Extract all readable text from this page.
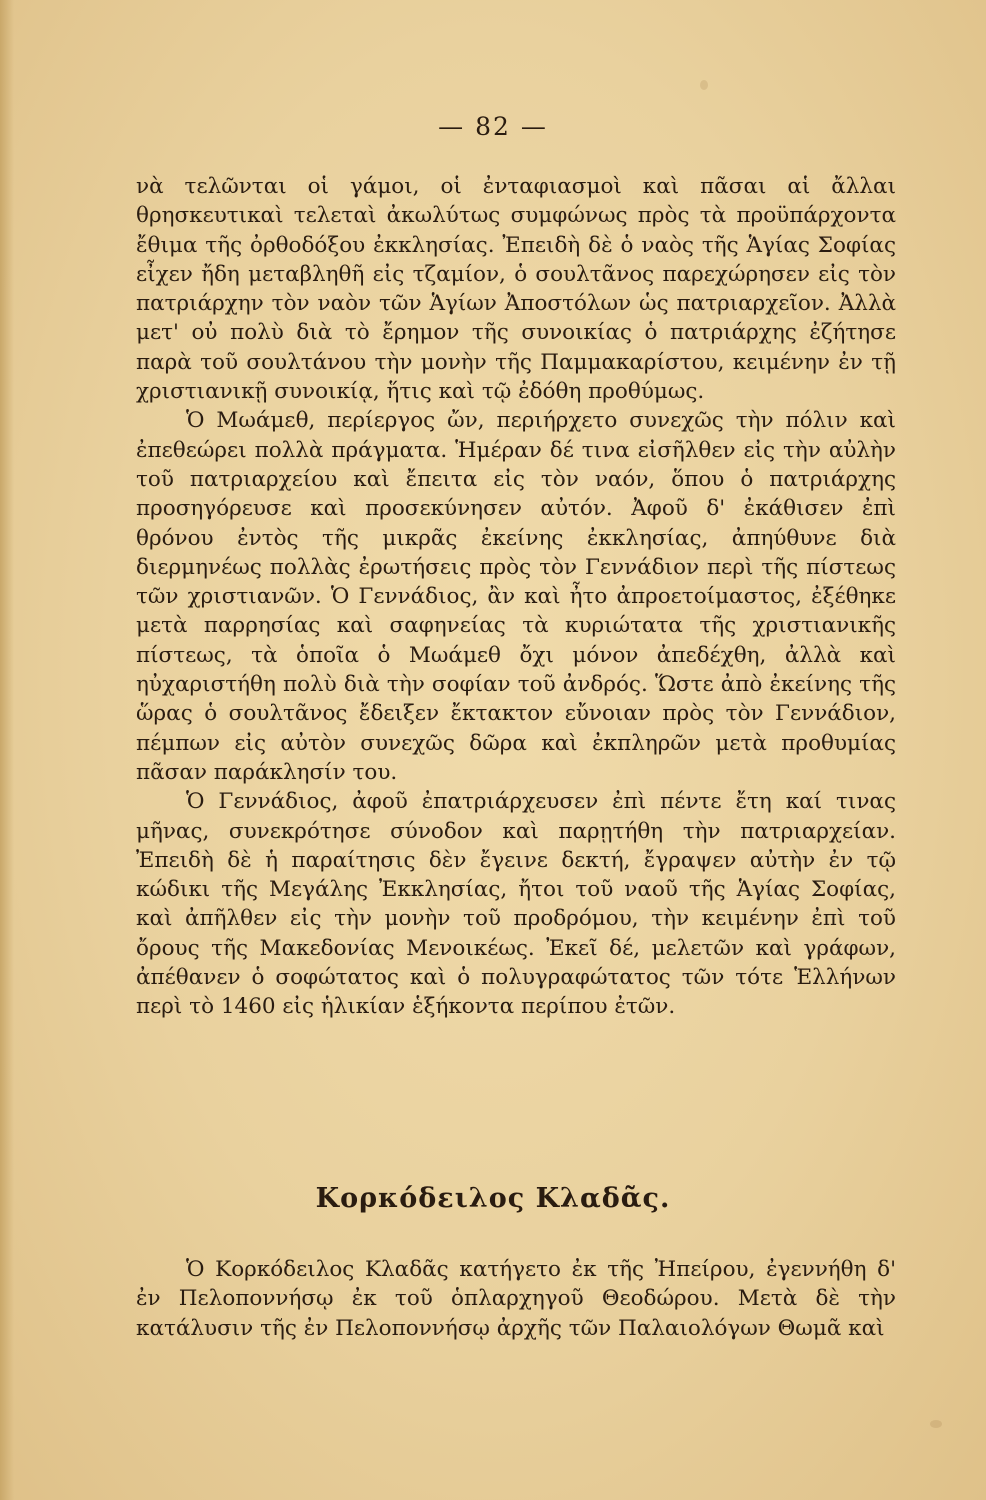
— 82 —

νὰ τελῶνται οἱ γάμοι, οἱ ἐνταφιασμοὶ καὶ πᾶσαι αἱ ἄλλαι θρησκευτικαὶ τελεταὶ ἀκωλύτως συμφώνως πρὸς τὰ προϋπάρχοντα ἔθιμα τῆς ὀρθοδόξου ἐκκλησίας. Ἐπειδὴ δὲ ὁ ναὸς τῆς Ἁγίας Σοφίας εἶχεν ἤδη μεταβληθῆ εἰς τζαμίον, ὁ σουλτᾶνος παρεχώρησεν εἰς τὸν πατριάρχην τὸν ναὸν τῶν Ἁγίων Ἀποστόλων ὡς πατριαρχεῖον. Ἀλλὰ μετ' οὐ πολὺ διὰ τὸ ἔρημον τῆς συνοικίας ὁ πατριάρχης ἐζήτησε παρὰ τοῦ σουλτάνου τὴν μονὴν τῆς Παμμακαρίστου, κειμένην ἐν τῇ χριστιανικῇ συνοικίᾳ, ἥτις καὶ τῷ ἐδόθη προθύμως.

Ὁ Μωάμεθ, περίεργος ὤν, περιήρχετο συνεχῶς τὴν πόλιν καὶ ἐπεθεώρει πολλὰ πράγματα. Ἡμέραν δέ τινα εἰσῆλθεν εἰς τὴν αὐλὴν τοῦ πατριαρχείου καὶ ἔπειτα εἰς τὸν ναόν, ὅπου ὁ πατριάρχης προσηγόρευσε καὶ προσεκύνησεν αὐτόν. Ἀφοῦ δ' ἐκάθισεν ἐπὶ θρόνου ἐντὸς τῆς μικρᾶς ἐκείνης ἐκκλησίας, ἀπηύθυνε διὰ διερμηνέως πολλὰς ἐρωτήσεις πρὸς τὸν Γεννάδιον περὶ τῆς πίστεως τῶν χριστιανῶν. Ὁ Γεννάδιος, ἂν καὶ ἦτο ἀπροετοίμαστος, ἐξέθηκε μετὰ παρρησίας καὶ σαφηνείας τὰ κυριώτατα τῆς χριστιανικῆς πίστεως, τὰ ὁποῖα ὁ Μωάμεθ ὄχι μόνον ἀπεδέχθη, ἀλλὰ καὶ ηὐχαριστήθη πολὺ διὰ τὴν σοφίαν τοῦ ἀνδρός. Ὥστε ἀπὸ ἐκείνης τῆς ὥρας ὁ σουλτᾶνος ἔδειξεν ἔκτακτον εὔνοιαν πρὸς τὸν Γεννάδιον, πέμπων εἰς αὐτὸν συνεχῶς δῶρα καὶ ἐκπληρῶν μετὰ προθυμίας πᾶσαν παράκλησίν του.

Ὁ Γεννάδιος, ἀφοῦ ἐπατριάρχευσεν ἐπὶ πέντε ἔτη καί τινας μῆνας, συνεκρότησε σύνοδον καὶ παρῃτήθη τὴν πατριαρχείαν. Ἐπειδὴ δὲ ἡ παραίτησις δὲν ἔγεινε δεκτή, ἔγραψεν αὐτὴν ἐν τῷ κώδικι τῆς Μεγάλης Ἐκκλησίας, ἤτοι τοῦ ναοῦ τῆς Ἁγίας Σοφίας, καὶ ἀπῆλθεν εἰς τὴν μονὴν τοῦ προδρόμου, τὴν κειμένην ἐπὶ τοῦ ὄρους τῆς Μακεδονίας Μενοικέως. Ἐκεῖ δέ, μελετῶν καὶ γράφων, ἀπέθανεν ὁ σοφώτατος καὶ ὁ πολυγραφώτατος τῶν τότε Ἑλλήνων περὶ τὸ 1460 εἰς ἡλικίαν ἑξήκοντα περίπου ἐτῶν.

Κορκόδειλος Κλαδᾶς.

Ὁ Κορκόδειλος Κλαδᾶς κατήγετο ἐκ τῆς Ἠπείρου, ἐγεννήθη δ' ἐν Πελοποννήσῳ ἐκ τοῦ ὁπλαρχηγοῦ Θεοδώρου. Μετὰ δὲ τὴν κατάλυσιν τῆς ἐν Πελοποννήσῳ ἀρχῆς τῶν Παλαιολόγων Θωμᾶ καὶ
